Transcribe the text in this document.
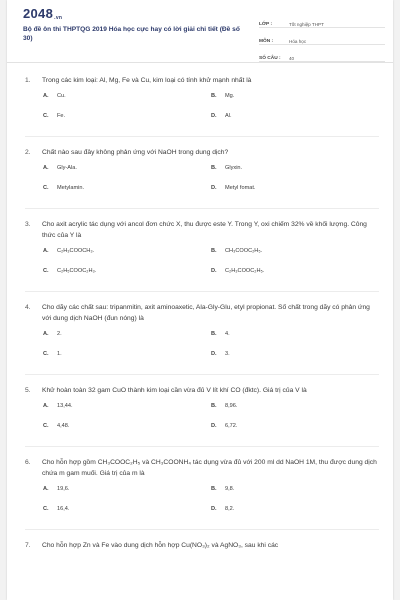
2048.vn
Bộ đề ôn thi THPTQG 2019 Hóa học cực hay có lời giải chi tiết (Đề số 30)
LỚP :	Tốt nghiệp THPT
MÔN :	Hóa học
SỐ CÂU :	40
1.	Trong các kim loại: Al, Mg, Fe và Cu, kim loại có tính khử mạnh nhất là
A.	Cu.	B.	Mg.
C.	Fe.	D.	Al.
2.	Chất nào sau đây không phản ứng với NaOH trong dung dịch?
A.	Gly-Ala.	B.	Glyxin.
C.	Metylamin.	D.	Metyl fomat.
3.	Cho axit acrylic tác dụng với ancol đơn chức X, thu được este Y. Trong Y, oxi chiếm 32% về khối lượng. Công thức của Y là
A.	C₂H₃COOCH₃.	B.	CH₃COOC₂H₅.
C.	C₂H₅COOC₂H₃.	D.	C₂H₃COOC₂H₅.
4.	Cho dãy các chất sau: tripanmitin, axit aminoaxetic, Ala-Gly-Glu, etyl propionat. Số chất trong dãy có phản ứng với dung dịch NaOH (đun nóng) là
A.	2.	B.	4.
C.	1.	D.	3.
5.	Khử hoàn toàn 32 gam CuO thành kim loại cần vừa đủ V lít khí CO (đktc). Giá trị của V là
A.	13,44.	B.	8,96.
C.	4,48.	D.	6,72.
6.	Cho hỗn hợp gồm CH₃COOC₂H₅ và CH₃COONH₄ tác dụng vừa đủ với 200 ml dd NaOH 1M, thu được dung dịch chứa m gam muối. Giá trị của m là
A.	19,6.	B.	9,8.
C.	16,4.	D.	8,2.
7.	Cho hỗn hợp Zn và Fe vào dung dịch hỗn hợp Cu(NO₃)₂ và AgNO₃, sau khi các
